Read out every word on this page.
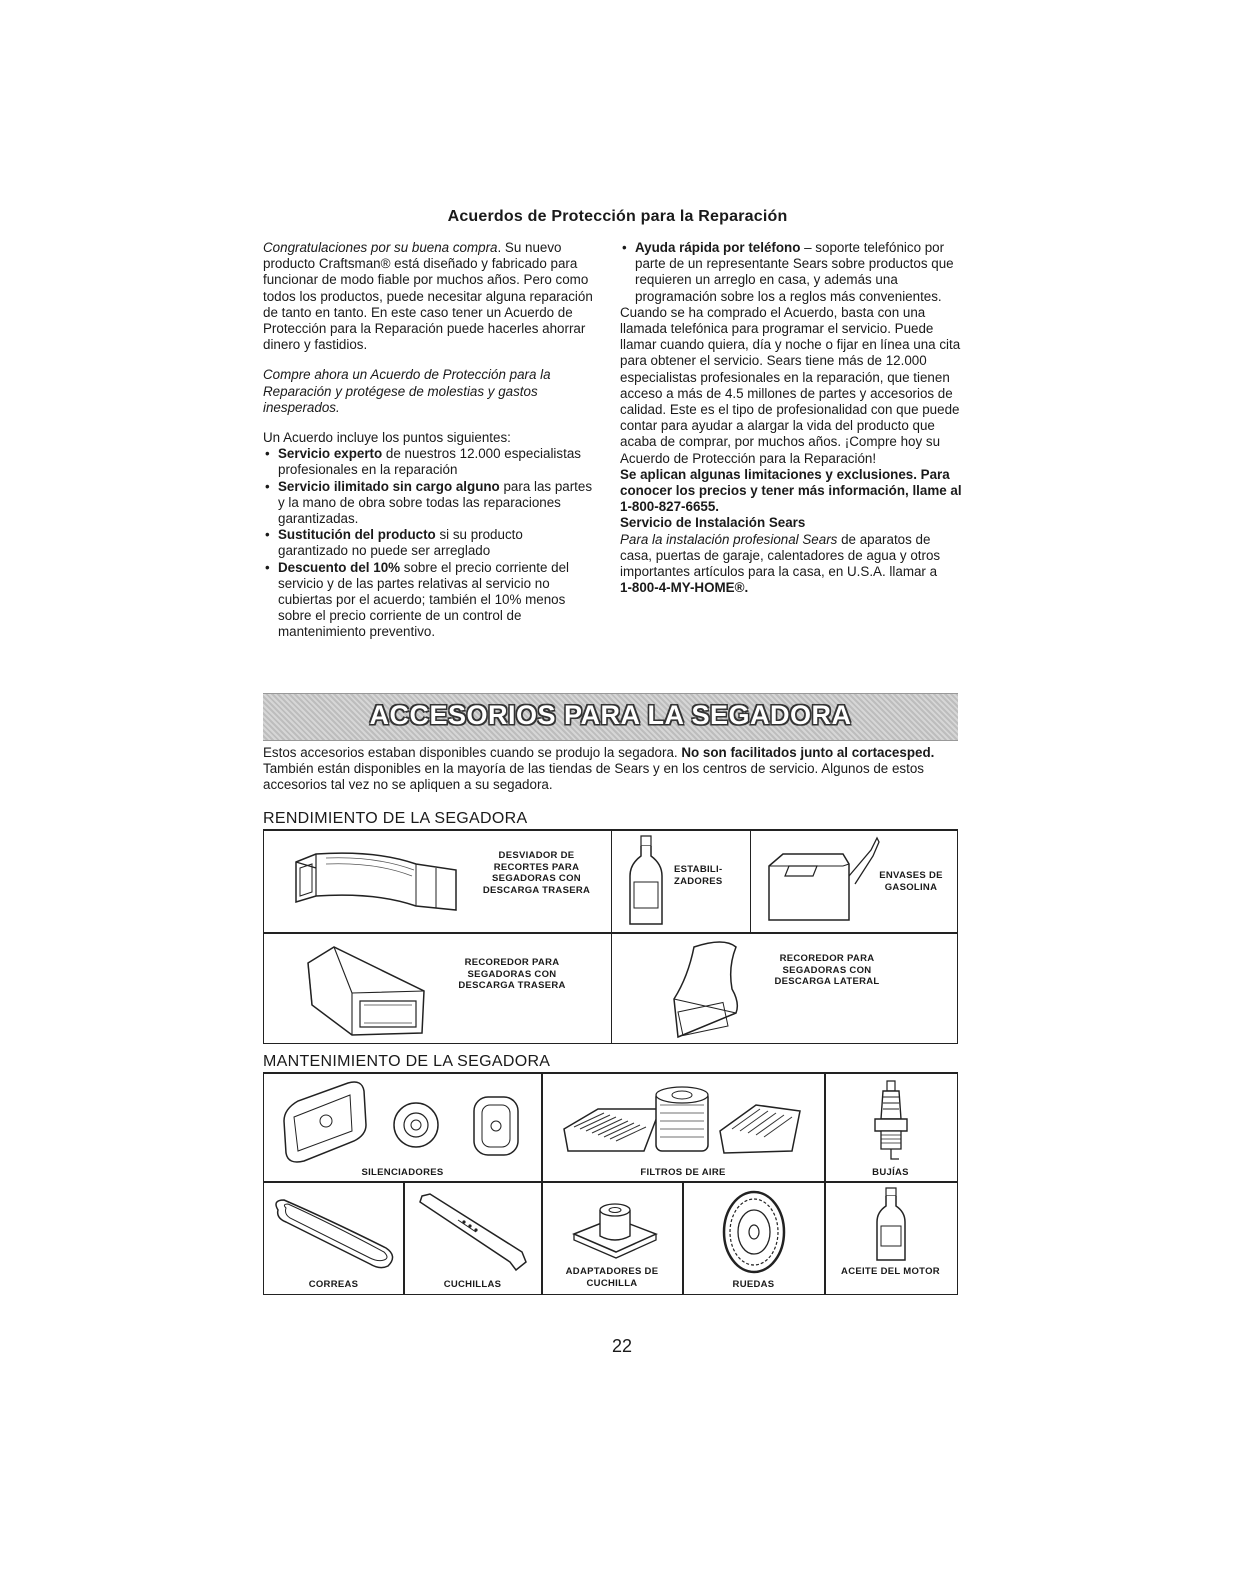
Acuerdos de Protección para la Reparación

Congratulaciones por su buena compra. Su nuevo producto Craftsman® está diseñado y fabricado para funcionar de modo fiable por muchos años. Pero como todos los productos, puede necesitar alguna reparación de tanto en tanto. En este caso tener un Acuerdo de Protección para la Reparación puede hacerles ahorrar dinero y fastidios.

Compre ahora un Acuerdo de Protección para la Reparación y protégese de molestias y gastos inesperados.

Un Acuerdo incluye los puntos siguientes:

• Servicio experto de nuestros 12.000 especialistas profesionales en la reparación

• Servicio ilimitado sin cargo alguno para las partes y la mano de obra sobre todas las reparaciones garantizadas.

• Sustitución del producto si su producto garantizado no puede ser arreglado

• Descuento del 10% sobre el precio corriente del servicio y de las partes relativas al servicio no cubiertas por el acuerdo; también el 10% menos sobre el precio corriente de un control de mantenimiento preventivo.

• Ayuda rápida por teléfono – soporte telefónico por parte de un representante Sears sobre productos que requieren un arreglo en casa, y además una programación sobre los a reglos más convenientes.

Cuando se ha comprado el Acuerdo, basta con una llamada telefónica para programar el servicio. Puede llamar cuando quiera, día y noche o fijar en línea una cita para obtener el servicio. Sears tiene más de 12.000 especialistas profesionales en la reparación, que tienen acceso a más de 4.5 millones de partes y accesorios de calidad. Este es el tipo de profesionalidad con que puede contar para ayudar a alargar la vida del producto que acaba de comprar, por muchos años. ¡Compre hoy su Acuerdo de Protección para la Reparación!

Se aplican algunas limitaciones y exclusiones. Para conocer los precios y tener más información, llame al 1-800-827-6655.

Servicio de Instalación Sears

Para la instalación profesional Sears de aparatos de casa, puertas de garaje, calentadores de agua y otros importantes artículos para la casa, en U.S.A. llamar a

1-800-4-MY-HOME®.

ACCESORIOS PARA LA SEGADORA
Estos accesorios estaban disponibles cuando se produjo la segadora. No son facilitados junto al cortacesped. También están disponibles en la mayoría de las tiendas de Sears y en los centros de servicio. Algunos de estos accesorios tal vez no se apliquen a su segadora.
RENDIMIENTO DE LA SEGADORA
DESVIADOR DE RECORTES PARA SEGADORAS CON DESCARGA TRASERA
ESTABILI- ZADORES	ENVASES DE GASOLINA
RECOREDOR PARA SEGADORAS CON DESCARGA TRASERA
RECOREDOR PARA SEGADORAS CON DESCARGA LATERAL
MANTENIMIENTO DE LA SEGADORA
SILENCIADORES	FILTROS DE AIRE	BUJÍAS
CORREAS	CUCHILLAS
ADAPTADORES DE CUCHILLA	RUEDAS
ACEITE DEL MOTOR
22
